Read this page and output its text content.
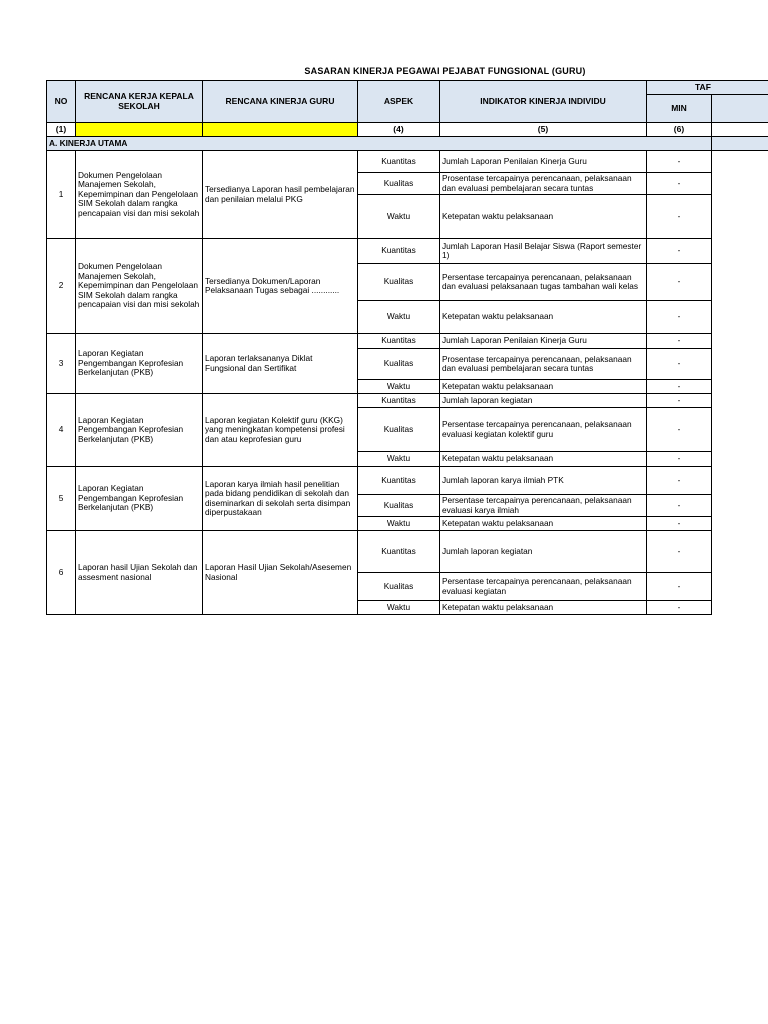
SASARAN KINERJA PEGAWAI PEJABAT FUNGSIONAL (GURU)
NO	RENCANA KERJA KEPALA SEKOLAH	RENCANA KINERJA GURU	ASPEK	INDIKATOR KINERJA INDIVIDU	TAF	
					MIN	
(1)			(4)	(5)	(6)	
A. KINERJA UTAMA						
1	Dokumen Pengelolaan Manajemen Sekolah, Kepemimpinan dan Pengelolaan SIM Sekolah dalam rangka pencapaian visi dan misi sekolah	Tersedianya Laporan hasil pembelajaran dan penilaian melalui PKG	Kuantitas	Jumlah Laporan Penilaian Kinerja Guru	-	
			Kualitas	Prosentase tercapainya perencanaan, pelaksanaan dan evaluasi pembelajaran secara tuntas	-	
			Waktu	Ketepatan waktu pelaksanaan	-	
2	Dokumen Pengelolaan Manajemen Sekolah, Kepemimpinan dan Pengelolaan SIM Sekolah dalam rangka pencapaian visi dan misi sekolah	Tersedianya Dokumen/Laporan Pelaksanaan Tugas sebagai ............	Kuantitas	Jumlah Laporan Hasil Belajar Siswa (Raport semester 1)	-	
			Kualitas	Persentase tercapainya perencanaan, pelaksanaan dan evaluasi pelaksanaan tugas tambahan wali kelas	-	
			Waktu	Ketepatan waktu pelaksanaan	-	
3	Laporan Kegiatan Pengembangan Keprofesian Berkelanjutan (PKB)	Laporan terlaksananya Diklat Fungsional dan Sertifikat	Kuantitas	Jumlah Laporan Penilaian Kinerja Guru	-	
			Kualitas	Prosentase tercapainya perencanaan, pelaksanaan dan evaluasi pembelajaran secara tuntas	-	
			Waktu	Ketepatan waktu pelaksanaan	-	
4	Laporan Kegiatan Pengembangan Keprofesian Berkelanjutan (PKB)	Laporan kegiatan Kolektif guru (KKG) yang meningkatan kompetensi profesi dan atau keprofesian guru	Kuantitas	Jumlah laporan kegiatan	-	
			Kualitas	Persentase tercapainya perencanaan, pelaksanaan evaluasi kegiatan kolektif guru	-	
			Waktu	Ketepatan waktu pelaksanaan	-	
5	Laporan Kegiatan Pengembangan Keprofesian Berkelanjutan (PKB)	Laporan karya ilmiah hasil penelitian pada bidang pendidikan di sekolah dan diseminarkan di sekolah serta disimpan diperpustakaan	Kuantitas	Jumlah laporan karya ilmiah PTK	-	
			Kualitas	Persentase tercapainya perencanaan, pelaksanaan evaluasi karya ilmiah	-	
			Waktu	Ketepatan waktu pelaksanaan	-	
6	Laporan hasil Ujian Sekolah dan assesment nasional	Laporan Hasil Ujian Sekolah/Asesemen Nasional	Kuantitas	Jumlah laporan kegiatan	-	
			Kualitas	Persentase tercapainya perencanaan, pelaksanaan evaluasi kegiatan	-	
			Waktu	Ketepatan waktu pelaksanaan	-	
